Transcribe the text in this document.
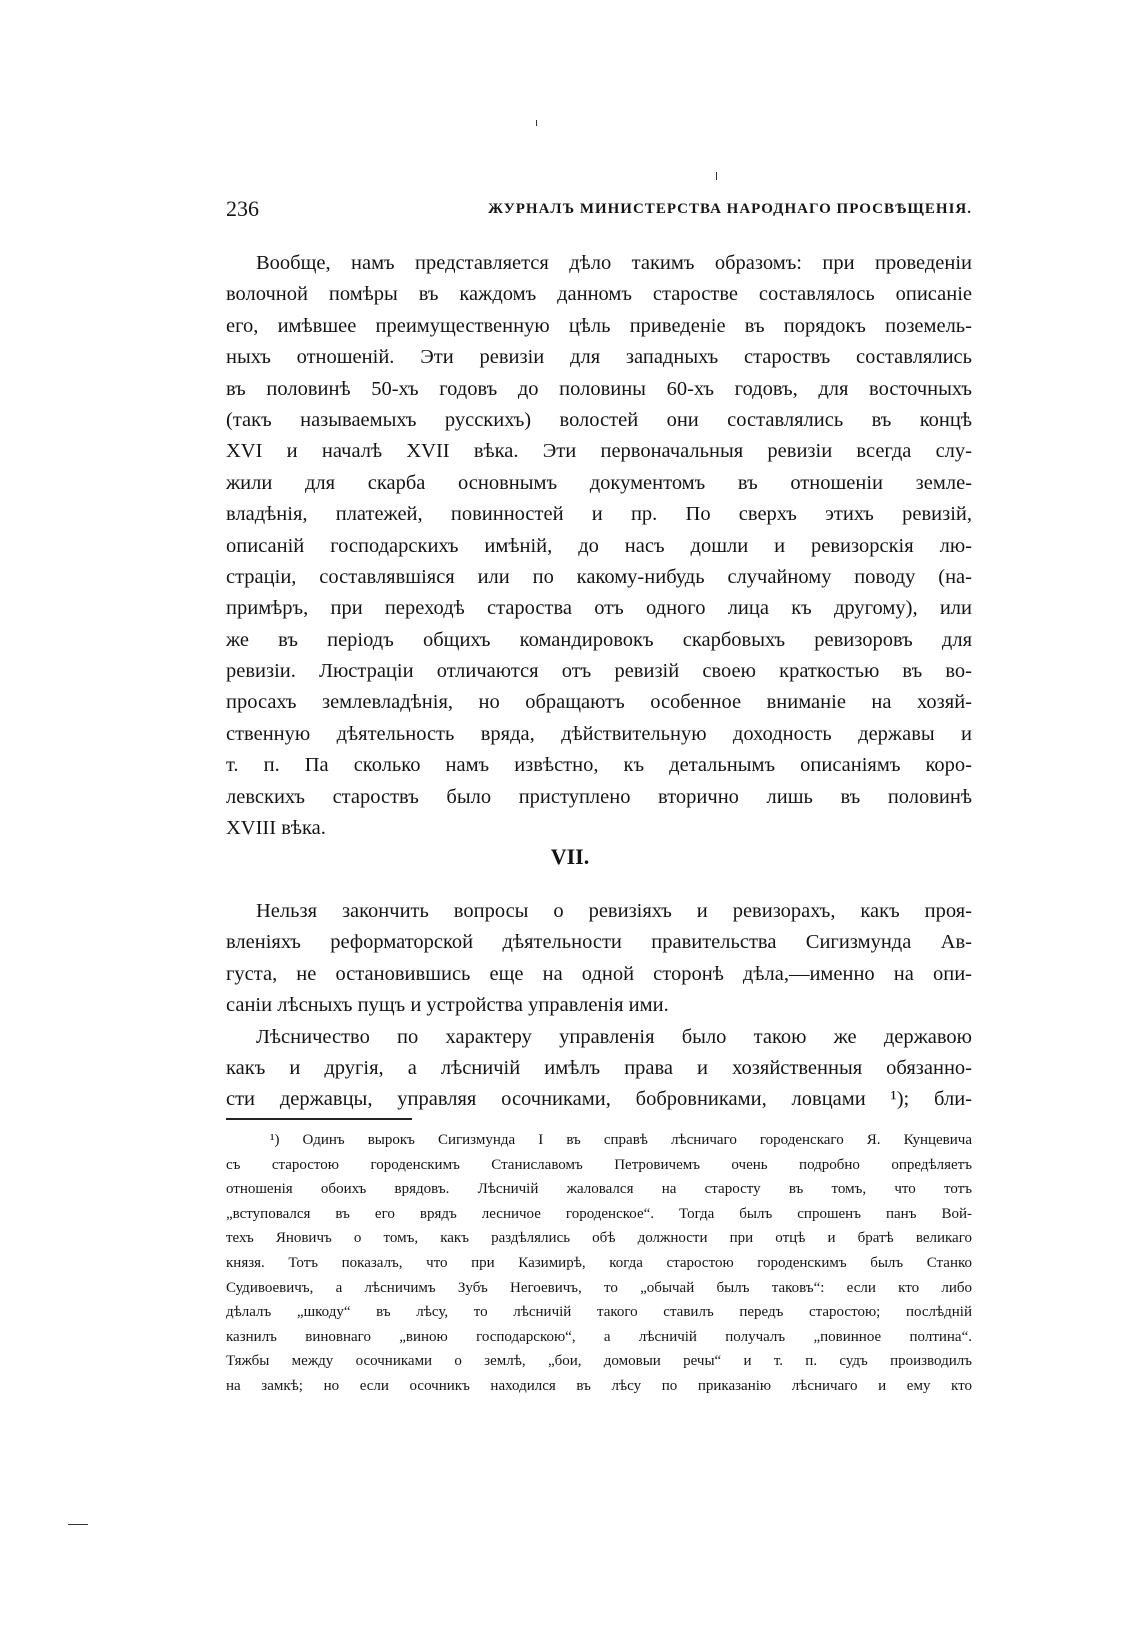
236	ЖУРНАЛЪ МИНИСТЕРСТВА НАРОДНАГО ПРОСВѢЩЕНІЯ.
Вообще, намъ представляется дѣло такимъ образомъ: при проведеніи
волочной помѣры въ каждомъ данномъ старостве составлялось описаніе
его, имѣвшее преимущественную цѣль приведеніе въ порядокъ поземель-
ныхъ отношеній. Эти ревизіи для западныхъ староствъ составлялись
въ половинѣ 50-хъ годовъ до половины 60-хъ годовъ, для восточныхъ
(такъ называемыхъ русскихъ) волостей они составлялись въ концѣ
XVI и началѣ XVII вѣка. Эти первоначальныя ревизіи всегда слу-
жили для скарба основнымъ документомъ въ отношеніи земле-
владѣнія, платежей, повинностей и пр. По сверхъ этихъ ревизій,
описаній господарскихъ имѣній, до насъ дошли и ревизорскія лю-
страціи, составлявшіяся или по какому-нибудь случайному поводу (на-
примѣръ, при переходѣ староства отъ одного лица къ другому), или
же въ періодъ общихъ командировокъ скарбовыхъ ревизоровъ для
ревизіи. Люстраціи отличаются отъ ревизій своею краткостью въ во-
просахъ землевладѣнія, но обращаютъ особенное вниманіе на хозяй-
ственную дѣятельность вряда, дѣйствительную доходность державы и
т. п. Па сколько намъ извѣстно, къ детальнымъ описаніямъ коро-
левскихъ староствъ было приступлено вторично лишь въ половинѣ
XVIII вѣка.
VII.
Нельзя закончить вопросы о ревизіяхъ и ревизорахъ, какъ проя-
вленіяхъ реформаторской дѣятельности правительства Сигизмунда Ав-
густа, не остановившись еще на одной сторонѣ дѣла,—именно на опи-
саніи лѣсныхъ пущъ и устройства управленія ими.
Лѣсничество по характеру управленія было такою же державою
какъ и другія, а лѣсничій имѣлъ права и хозяйственныя обязанно-
сти державцы, управляя осочниками, бобровниками, ловцами ¹); бли-
¹) Одинъ вырокъ Сигизмунда I въ справѣ лѣсничаго городенскаго Я. Кунцевича
съ старостою городенскимъ Станиславомъ Петровичемъ очень подробно опредѣляетъ
отношенія обоихъ врядовъ. Лѣсничій жаловался на старосту въ томъ, что тотъ
„вступовался въ его врядъ лесничое городенское“. Тогда былъ спрошенъ панъ Вой-
техъ Яновичъ о томъ, какъ раздѣлялись обѣ должности при отцѣ и братѣ великаго
князя. Тотъ показалъ, что при Казимирѣ, когда старостою городенскимъ былъ Станко
Судивоевичъ, а лѣсничимъ Зубъ Негоевичъ, то „обычай былъ таковъ“: если кто либо
дѣлалъ „шкоду“ въ лѣсу, то лѣсничій такого ставилъ передъ старостою; послѣдній
казнилъ виновнаго „виною господарскою“, а лѣсничій получалъ „повинное полтина“.
Тяжбы между осочниками о землѣ, „бои, домовыи речы“ и т. п. судъ производилъ
на замкѣ; но если осочникъ находился въ лѣсу по приказанію лѣсничаго и ему кто
